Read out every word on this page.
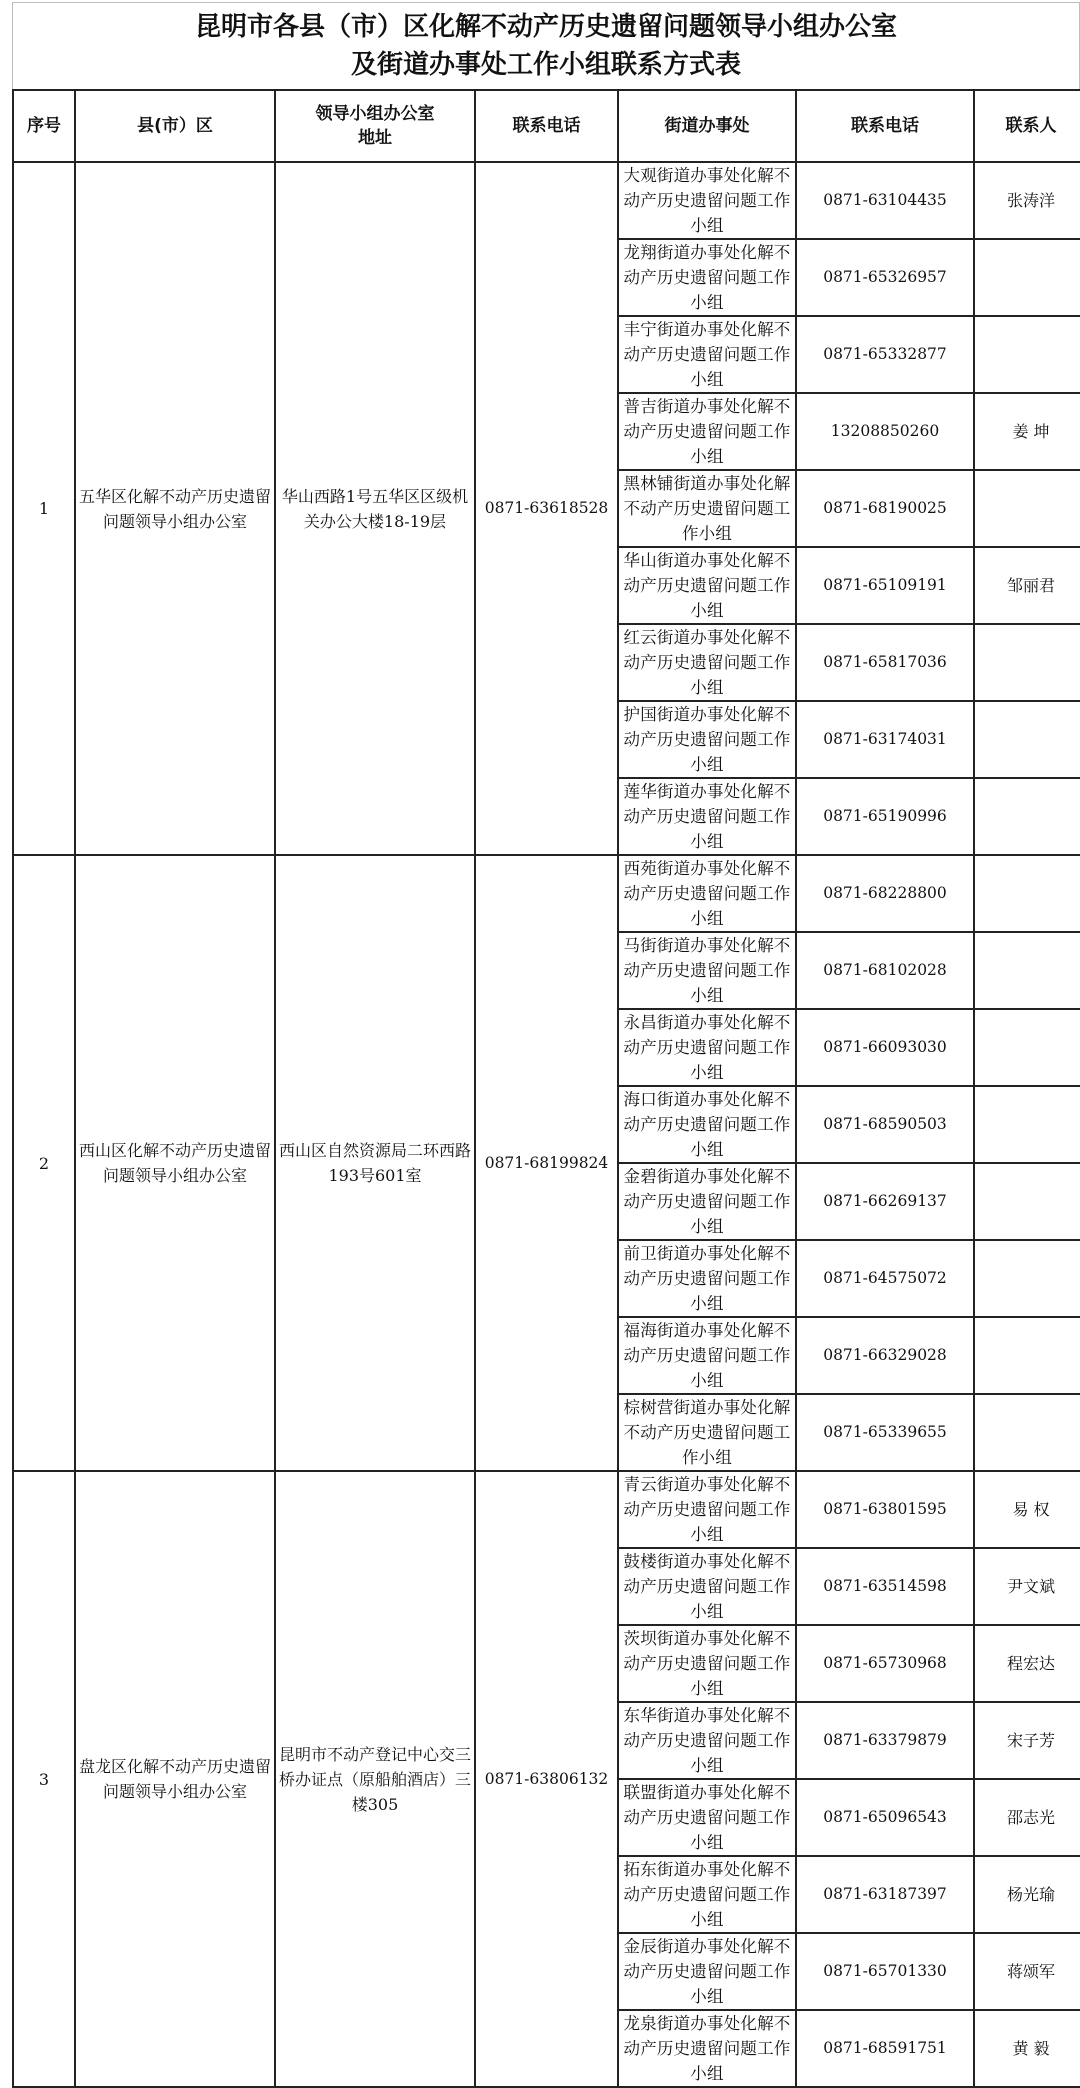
昆明市各县（市）区化解不动产历史遗留问题领导小组办公室
及街道办事处工作小组联系方式表
序号	县(市）区	领导小组办公室
地址	联系电话	街道办事处	联系电话	联系人
1	五华区化解不动产历史遗留问题领导小组办公室	华山西路1号五华区区级机关办公大楼18-19层	0871-63618528	大观街道办事处化解不动产历史遗留问题工作小组	0871-63104435	张涛洋
				龙翔街道办事处化解不动产历史遗留问题工作小组	0871-65326957	
				丰宁街道办事处化解不动产历史遗留问题工作小组	0871-65332877	
				普吉街道办事处化解不动产历史遗留问题工作小组	13208850260	姜 坤
				黑林铺街道办事处化解不动产历史遗留问题工作小组	0871-68190025	
				华山街道办事处化解不动产历史遗留问题工作小组	0871-65109191	邹丽君
				红云街道办事处化解不动产历史遗留问题工作小组	0871-65817036	
				护国街道办事处化解不动产历史遗留问题工作小组	0871-63174031	
				莲华街道办事处化解不动产历史遗留问题工作小组	0871-65190996	
2	西山区化解不动产历史遗留问题领导小组办公室	西山区自然资源局二环西路193号601室	0871-68199824	西苑街道办事处化解不动产历史遗留问题工作小组	0871-68228800	
				马街街道办事处化解不动产历史遗留问题工作小组	0871-68102028	
				永昌街道办事处化解不动产历史遗留问题工作小组	0871-66093030	
				海口街道办事处化解不动产历史遗留问题工作小组	0871-68590503	
				金碧街道办事处化解不动产历史遗留问题工作小组	0871-66269137	
				前卫街道办事处化解不动产历史遗留问题工作小组	0871-64575072	
				福海街道办事处化解不动产历史遗留问题工作小组	0871-66329028	
				棕树营街道办事处化解不动产历史遗留问题工作小组	0871-65339655	
3	盘龙区化解不动产历史遗留问题领导小组办公室	昆明市不动产登记中心交三桥办证点（原船舶酒店）三楼305	0871-63806132	青云街道办事处化解不动产历史遗留问题工作小组	0871-63801595	易 权
				鼓楼街道办事处化解不动产历史遗留问题工作小组	0871-63514598	尹文斌
				茨坝街道办事处化解不动产历史遗留问题工作小组	0871-65730968	程宏达
				东华街道办事处化解不动产历史遗留问题工作小组	0871-63379879	宋子芳
				联盟街道办事处化解不动产历史遗留问题工作小组	0871-65096543	邵志光
				拓东街道办事处化解不动产历史遗留问题工作小组	0871-63187397	杨光瑜
				金辰街道办事处化解不动产历史遗留问题工作小组	0871-65701330	蒋颂军
				龙泉街道办事处化解不动产历史遗留问题工作小组	0871-68591751	黄 毅
